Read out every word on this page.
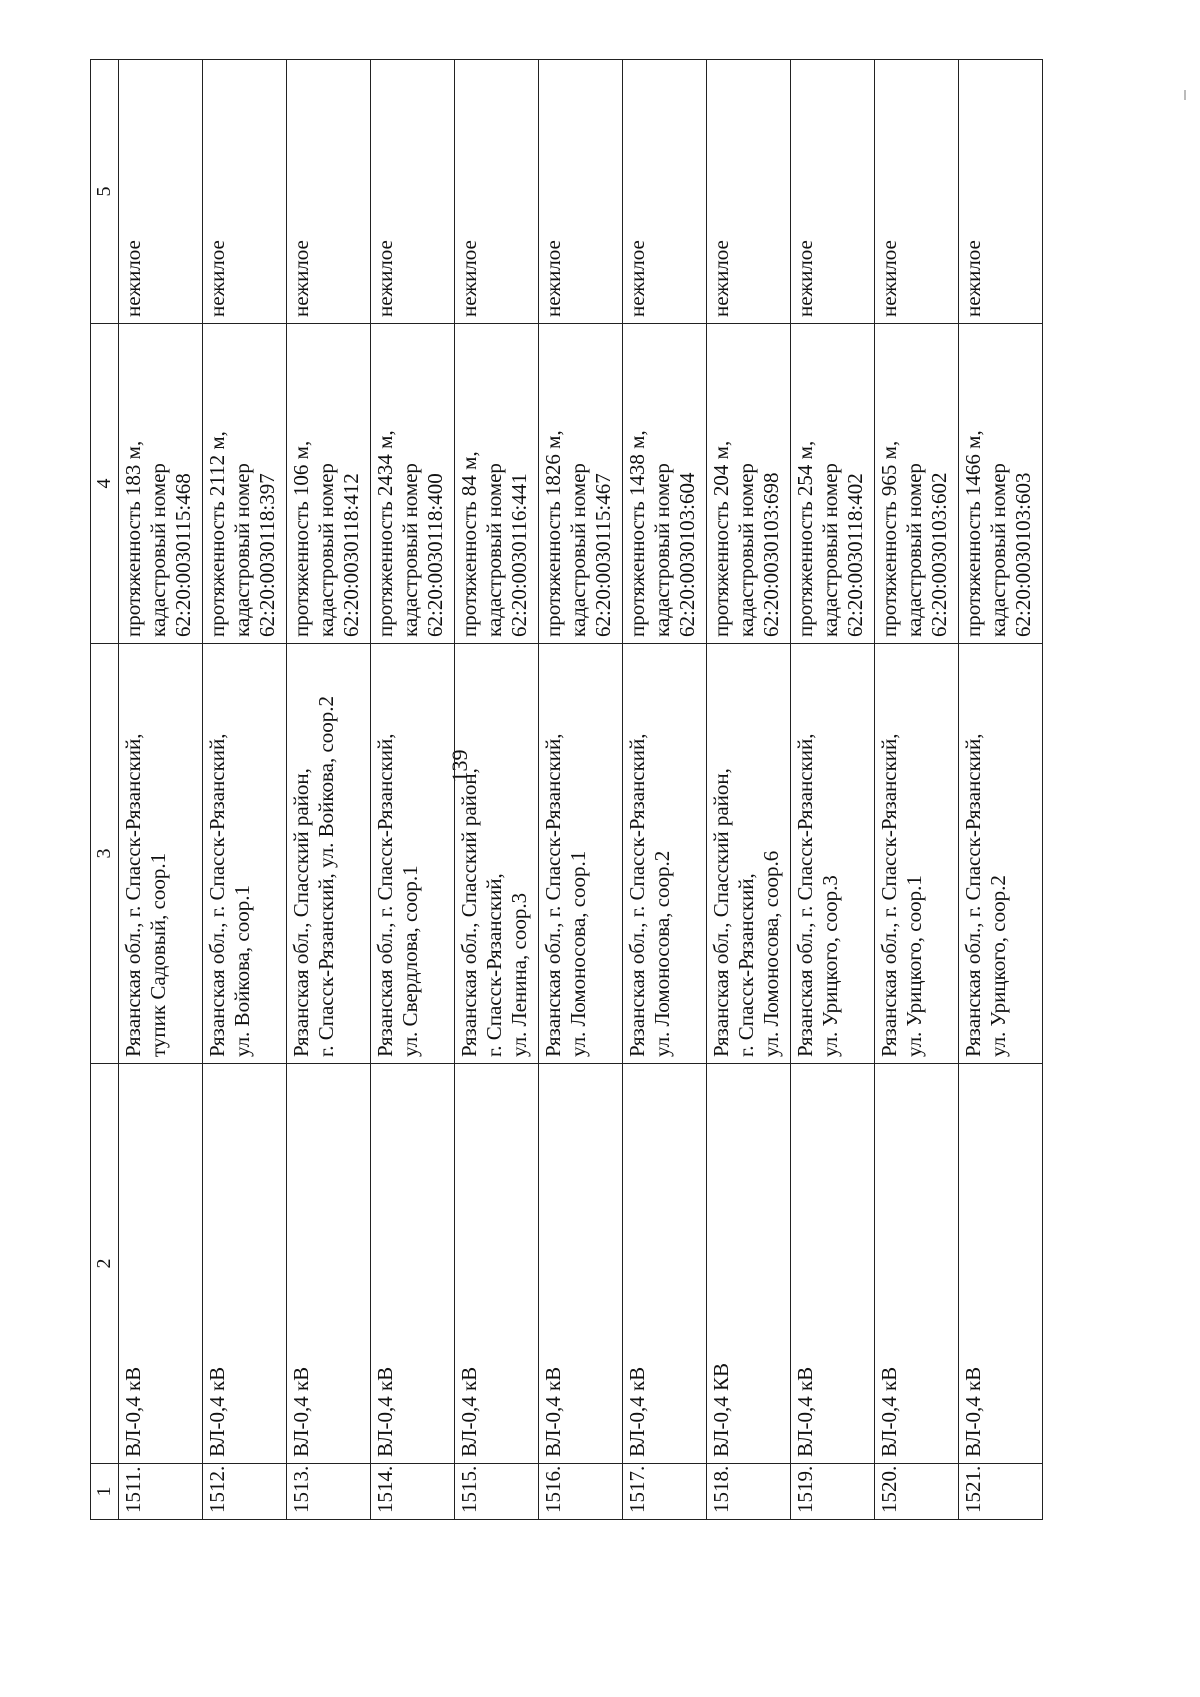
139
1	2	3	4	5
1511.	ВЛ-0,4 кВ	Рязанская обл., г. Спасск-Рязанский, тупик Садовый, соор.1	протяженность 183 м, кадастровый номер 62:20:0030115:468	нежилое
1512.	ВЛ-0,4 кВ	Рязанская обл., г. Спасск-Рязанский, ул. Войкова, соор.1	протяженность 2112 м, кадастровый номер 62:20:0030118:397	нежилое
1513.	ВЛ-0,4 кВ	Рязанская обл., Спасский район, г. Спасск-Рязанский, ул. Войкова, соор.2	протяженность 106 м, кадастровый номер 62:20:0030118:412	нежилое
1514.	ВЛ-0,4 кВ	Рязанская обл., г. Спасск-Рязанский, ул. Свердлова, соор.1	протяженность 2434 м, кадастровый номер 62:20:0030118:400	нежилое
1515.	ВЛ-0,4 кВ	Рязанская обл., Спасский район, г. Спасск-Рязанский, ул. Ленина, соор.3	протяженность 84 м, кадастровый номер 62:20:0030116:441	нежилое
1516.	ВЛ-0,4 кВ	Рязанская обл., г. Спасск-Рязанский, ул. Ломоносова, соор.1	протяженность 1826 м, кадастровый номер 62:20:0030115:467	нежилое
1517.	ВЛ-0,4 кВ	Рязанская обл., г. Спасск-Рязанский, ул. Ломоносова, соор.2	протяженность 1438 м, кадастровый номер 62:20:0030103:604	нежилое
1518.	ВЛ-0,4 КВ	Рязанская обл., Спасский район, г. Спасск-Рязанский, ул. Ломоносова, соор.6	протяженность 204 м, кадастровый номер 62:20:0030103:698	нежилое
1519.	ВЛ-0,4 кВ	Рязанская обл., г. Спасск-Рязанский, ул. Урицкого, соор.3	протяженность 254 м, кадастровый номер 62:20:0030118:402	нежилое
1520.	ВЛ-0,4 кВ	Рязанская обл., г. Спасск-Рязанский, ул. Урицкого, соор.1	протяженность 965 м, кадастровый номер 62:20:0030103:602	нежилое
1521.	ВЛ-0,4 кВ	Рязанская обл., г. Спасск-Рязанский, ул. Урицкого, соор.2	протяженность 1466 м, кадастровый номер 62:20:0030103:603	нежилое
